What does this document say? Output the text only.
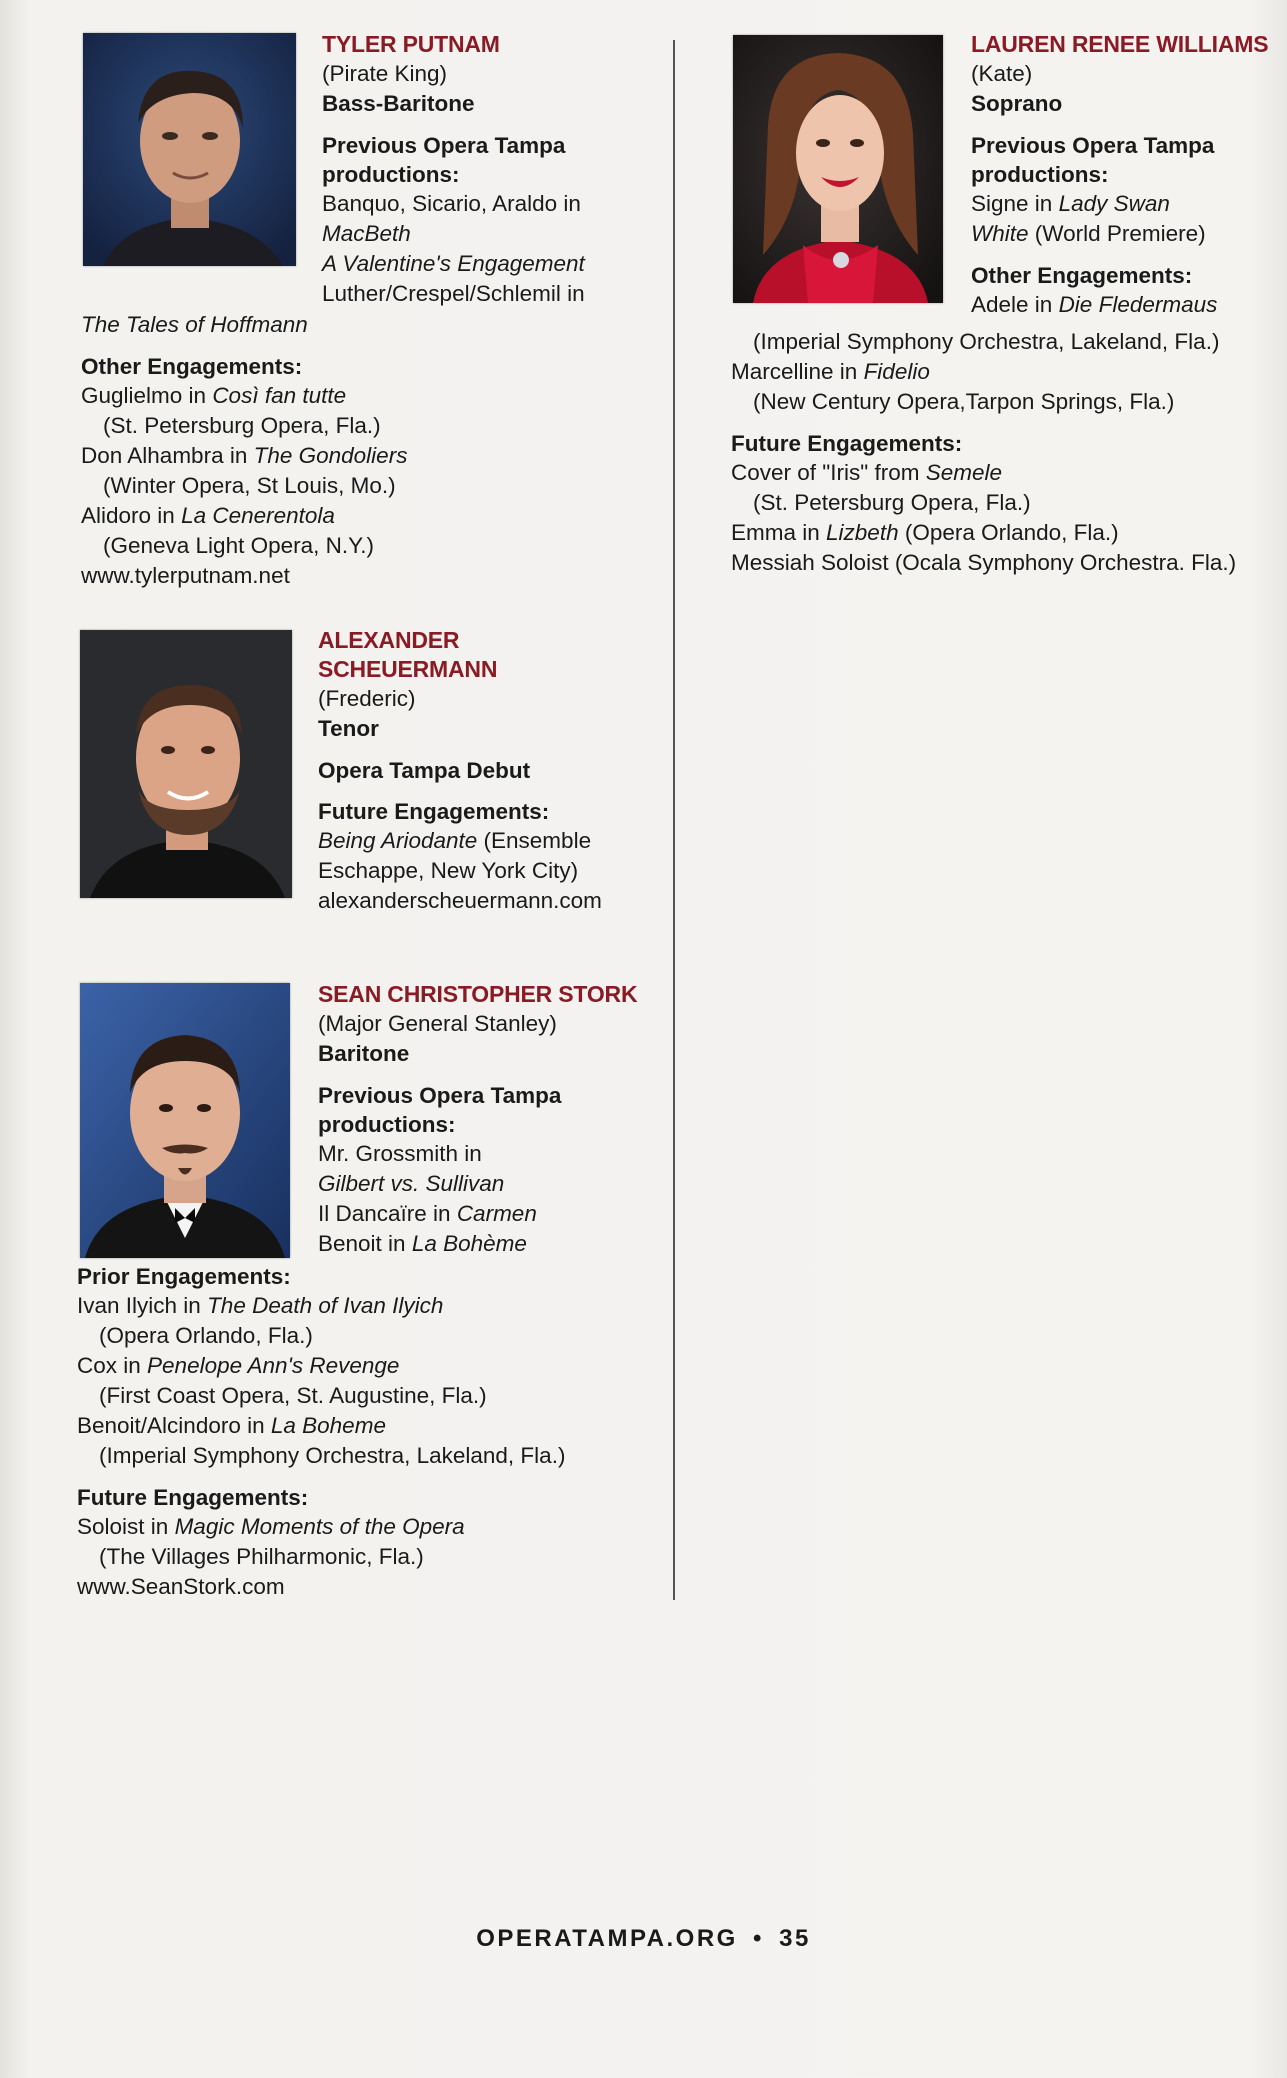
TYLER PUTNAM
(Pirate King)
Bass-Baritone
Previous Opera Tampa
productions:
Banquo, Sicario, Araldo in
MacBeth
A Valentine's Engagement
Luther/Crespel/Schlemil in
The Tales of Hoffmann
Other Engagements:
Guglielmo in Così fan tutte
(St. Petersburg Opera, Fla.)
Don Alhambra in The Gondoliers
(Winter Opera, St Louis, Mo.)
Alidoro in La Cenerentola
(Geneva Light Opera, N.Y.)
www.tylerputnam.net
ALEXANDER
SCHEUERMANN
(Frederic)
Tenor
Opera Tampa Debut
Future Engagements:
Being Ariodante (Ensemble
Eschappe, New York City)
alexanderscheuermann.com
SEAN CHRISTOPHER STORK
(Major General Stanley)
Baritone
Previous Opera Tampa
productions:
Mr. Grossmith in
Gilbert vs. Sullivan
Il Dancaïre in Carmen
Benoit in La Bohème
Prior Engagements:
Ivan Ilyich in The Death of Ivan Ilyich
(Opera Orlando, Fla.)
Cox in Penelope Ann's Revenge
(First Coast Opera, St. Augustine, Fla.)
Benoit/Alcindoro in La Boheme
(Imperial Symphony Orchestra, Lakeland, Fla.)
Future Engagements:
Soloist in Magic Moments of the Opera
(The Villages Philharmonic, Fla.)
www.SeanStork.com
LAUREN RENEE WILLIAMS
(Kate)
Soprano
Previous Opera Tampa
productions:
Signe in Lady Swan
White (World Premiere)
Other Engagements:
Adele in Die Fledermaus
(Imperial Symphony Orchestra, Lakeland, Fla.)
Marcelline in Fidelio
(New Century Opera,Tarpon Springs, Fla.)
Future Engagements:
Cover of "Iris" from Semele
(St. Petersburg Opera, Fla.)
Emma in Lizbeth (Opera Orlando, Fla.)
Messiah Soloist (Ocala Symphony Orchestra. Fla.)
OPERATAMPA.ORG • 35
